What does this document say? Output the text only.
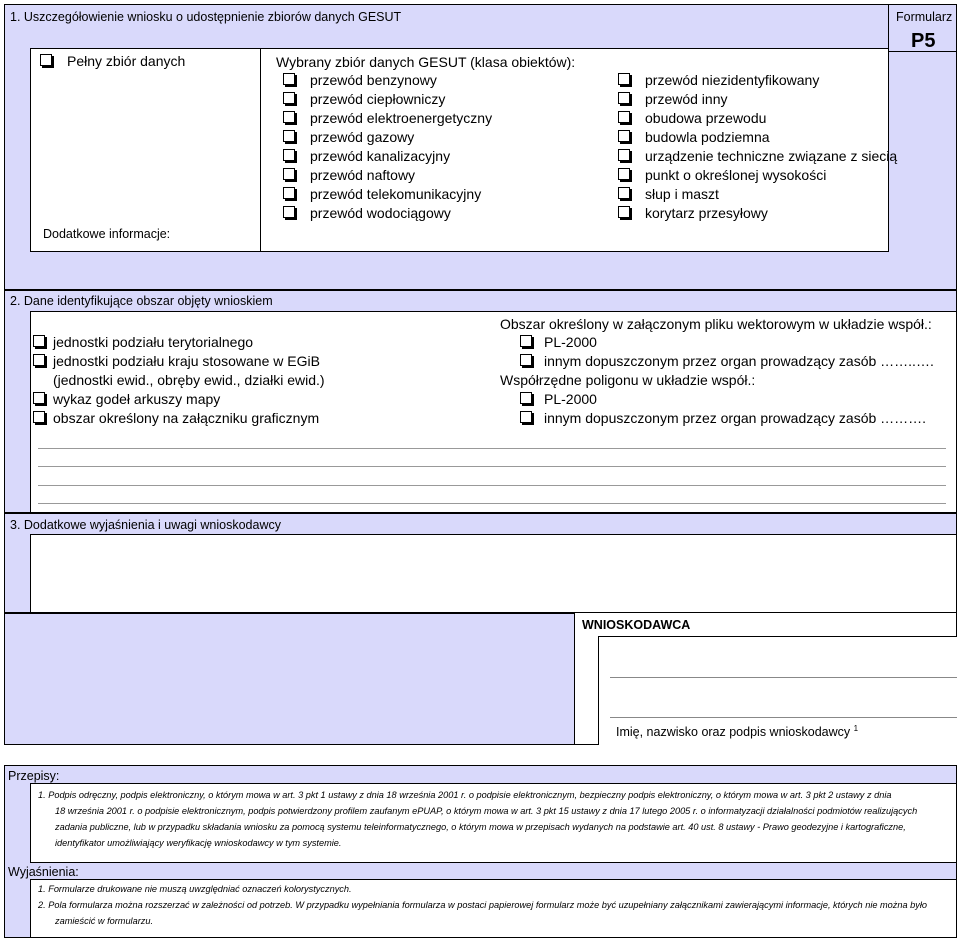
1. Uszczegółowienie wniosku o udostępnienie zbiorów danych GESUT	Formularz
P5
Pełny zbiór danych
Dodatkowe informacje:
Wybrany zbiór danych GESUT (klasa obiektów):
przewód benzynowy
przewód ciepłowniczy
przewód elektroenergetyczny
przewód gazowy
przewód kanalizacyjny
przewód naftowy
przewód telekomunikacyjny
przewód wodociągowy
przewód niezidentyfikowany
przewód inny
obudowa przewodu
budowla podziemna
urządzenie techniczne związane z siecią
punkt o określonej wysokości
słup i maszt
korytarz przesyłowy
2. Dane identyfikujące obszar objęty wnioskiem
jednostki podziału terytorialnego
jednostki podziału kraju stosowane w EGiB
(jednostki ewid., obręby ewid., działki ewid.)
wykaz godeł arkuszy mapy
obszar określony na załączniku graficznym
Obszar określony w załączonym pliku wektorowym w układzie współ.:
PL-2000
innym dopuszczonym przez organ prowadzący zasób ……..….
Współrzędne poligonu w układzie współ.:
PL-2000
innym dopuszczonym przez organ prowadzący zasób ……….
3. Dodatkowe wyjaśnienia i uwagi wnioskodawcy
WNIOSKODAWCA
Imię, nazwisko oraz podpis wnioskodawcy $^1$
Przepisy:
1. Podpis odręczny, podpis elektroniczny, o którym mowa w art. 3 pkt 1 ustawy z dnia 18 września 2001 r. o podpisie elektronicznym, bezpieczny podpis elektroniczny, o którym mowa w art. 3 pkt 2 ustawy z dnia
18 września 2001 r. o podpisie elektronicznym, podpis potwierdzony profilem zaufanym ePUAP, o którym mowa w art. 3 pkt 15 ustawy z dnia 17 lutego 2005 r. o informatyzacji działalności podmiotów realizujących
zadania publiczne, lub w przypadku składania wniosku za pomocą systemu teleinformatycznego, o którym mowa w przepisach wydanych na podstawie art. 40 ust. 8 ustawy - Prawo geodezyjne i kartograficzne,
identyfikator umożliwiający weryfikację wnioskodawcy w tym systemie.
Wyjaśnienia:
1. Formularze drukowane nie muszą uwzględniać oznaczeń kolorystycznych.
2. Pola formularza można rozszerzać w zależności od potrzeb. W przypadku wypełniania formularza w postaci papierowej formularz może być uzupełniany załącznikami zawierającymi informacje, których nie można było
zamieścić w formularzu.
